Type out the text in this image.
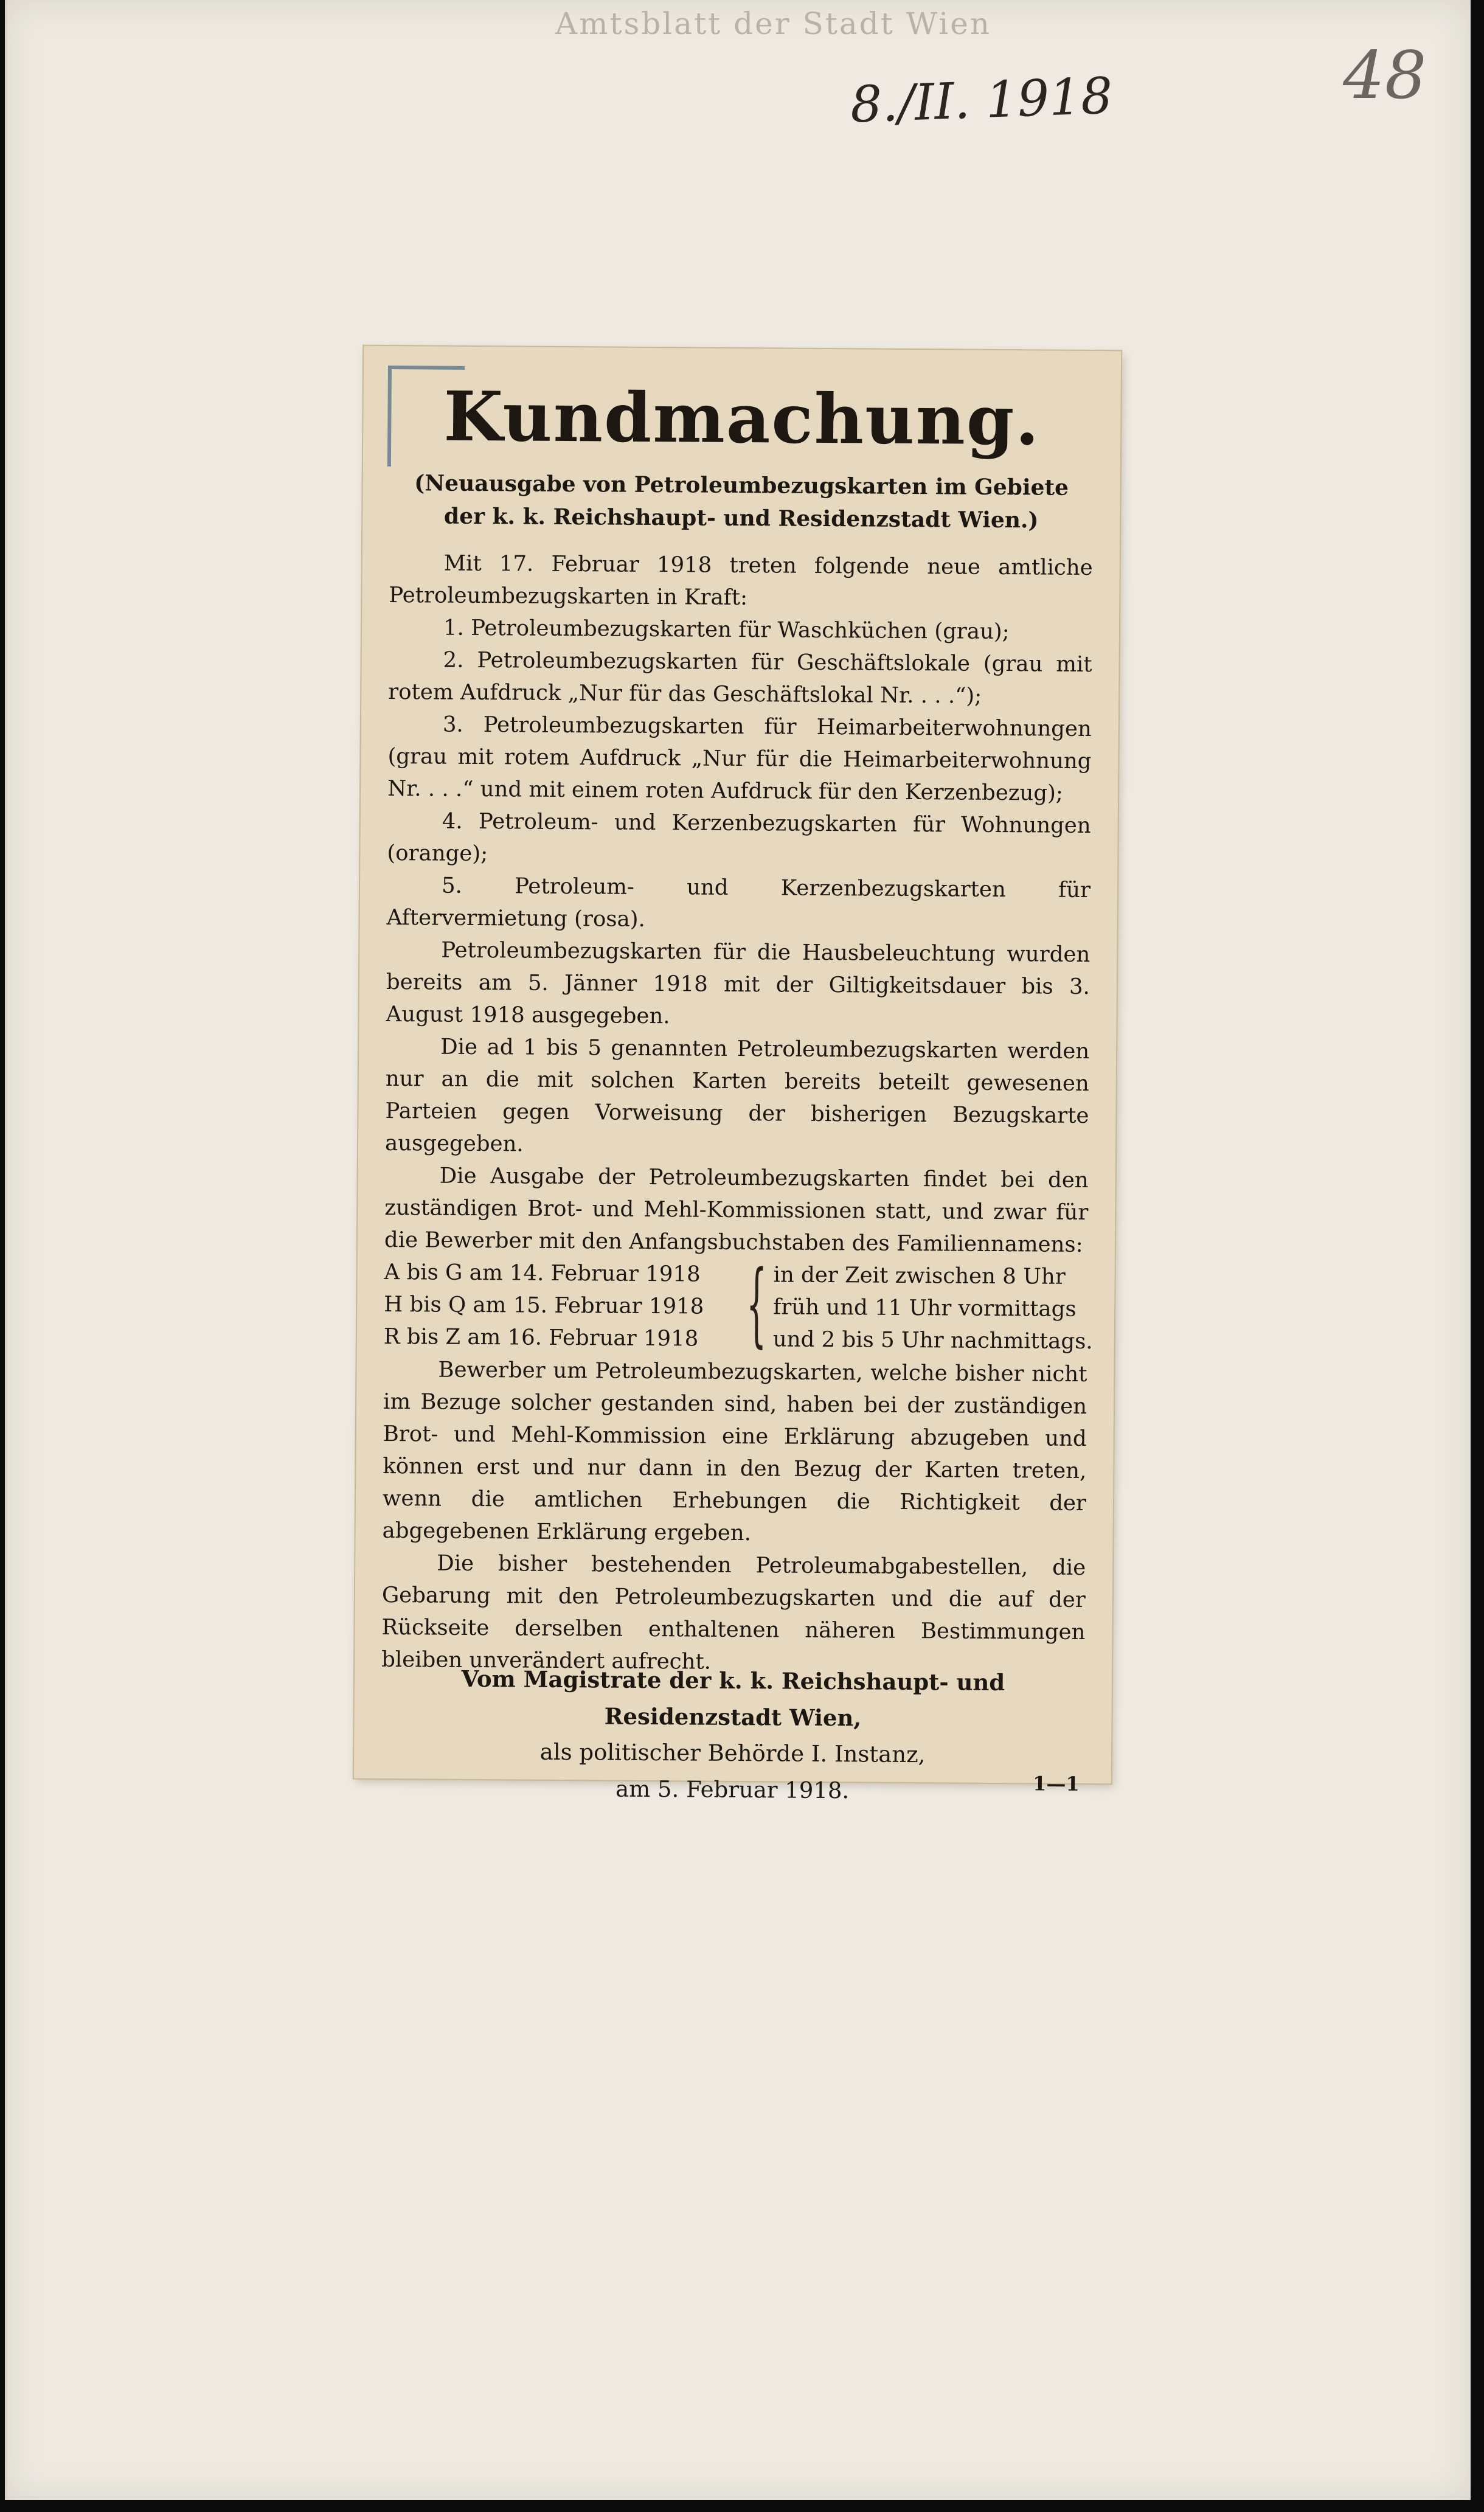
Amtsblatt der Stadt Wien
8./II. 1918	48
Kundmachung.
(Neuausgabe von Petroleumbezugskarten im Gebiete der k. k. Reichshaupt- und Residenzstadt Wien.)

Mit 17. Februar 1918 treten folgende neue amtliche Petroleumbezugskarten in Kraft:

1. Petroleumbezugskarten für Waschküchen (grau);

2. Petroleumbezugskarten für Geschäftslokale (grau mit rotem Aufdruck „Nur für das Geschäftslokal Nr. . . .“);

3. Petroleumbezugskarten für Heimarbeiterwohnungen (grau mit rotem Aufdruck „Nur für die Heimarbeiterwohnung Nr. . . .“ und mit einem roten Aufdruck für den Kerzenbezug);

4. Petroleum- und Kerzenbezugskarten für Wohnungen (orange);

5. Petroleum- und Kerzenbezugskarten für Aftervermietung (rosa).

Petroleumbezugskarten für die Hausbeleuchtung wurden bereits am 5. Jänner 1918 mit der Giltigkeitsdauer bis 3. August 1918 ausgegeben.

Die ad 1 bis 5 genannten Petroleumbezugskarten werden nur an die mit solchen Karten bereits beteilt gewesenen Parteien gegen Vorweisung der bisherigen Bezugskarte ausgegeben.

Die Ausgabe der Petroleumbezugskarten findet bei den zuständigen Brot- und Mehl-Kommissionen statt, und zwar für die Bewerber mit den Anfangsbuchstaben des Familiennamens:

A bis G am 14. Februar 1918
H bis Q am 15. Februar 1918
R bis Z am 16. Februar 1918 { in der Zeit zwischen 8 Uhr
früh und 11 Uhr vormittags
und 2 bis 5 Uhr nachmittags.

Bewerber um Petroleumbezugskarten, welche bisher nicht im Bezuge solcher gestanden sind, haben bei der zuständigen Brot- und Mehl-Kommission eine Erklärung abzugeben und können erst und nur dann in den Bezug der Karten treten, wenn die amtlichen Erhebungen die Richtigkeit der abgegebenen Erklärung ergeben.

Die bisher bestehenden Petroleumabgabestellen, die Gebarung mit den Petroleumbezugskarten und die auf der Rückseite derselben enthaltenen näheren Bestimmungen bleiben unverändert aufrecht.

Vom Magistrate der k. k. Reichshaupt- und Residenzstadt Wien,
als politischer Behörde I. Instanz,
am 5. Februar 1918.	1—1
